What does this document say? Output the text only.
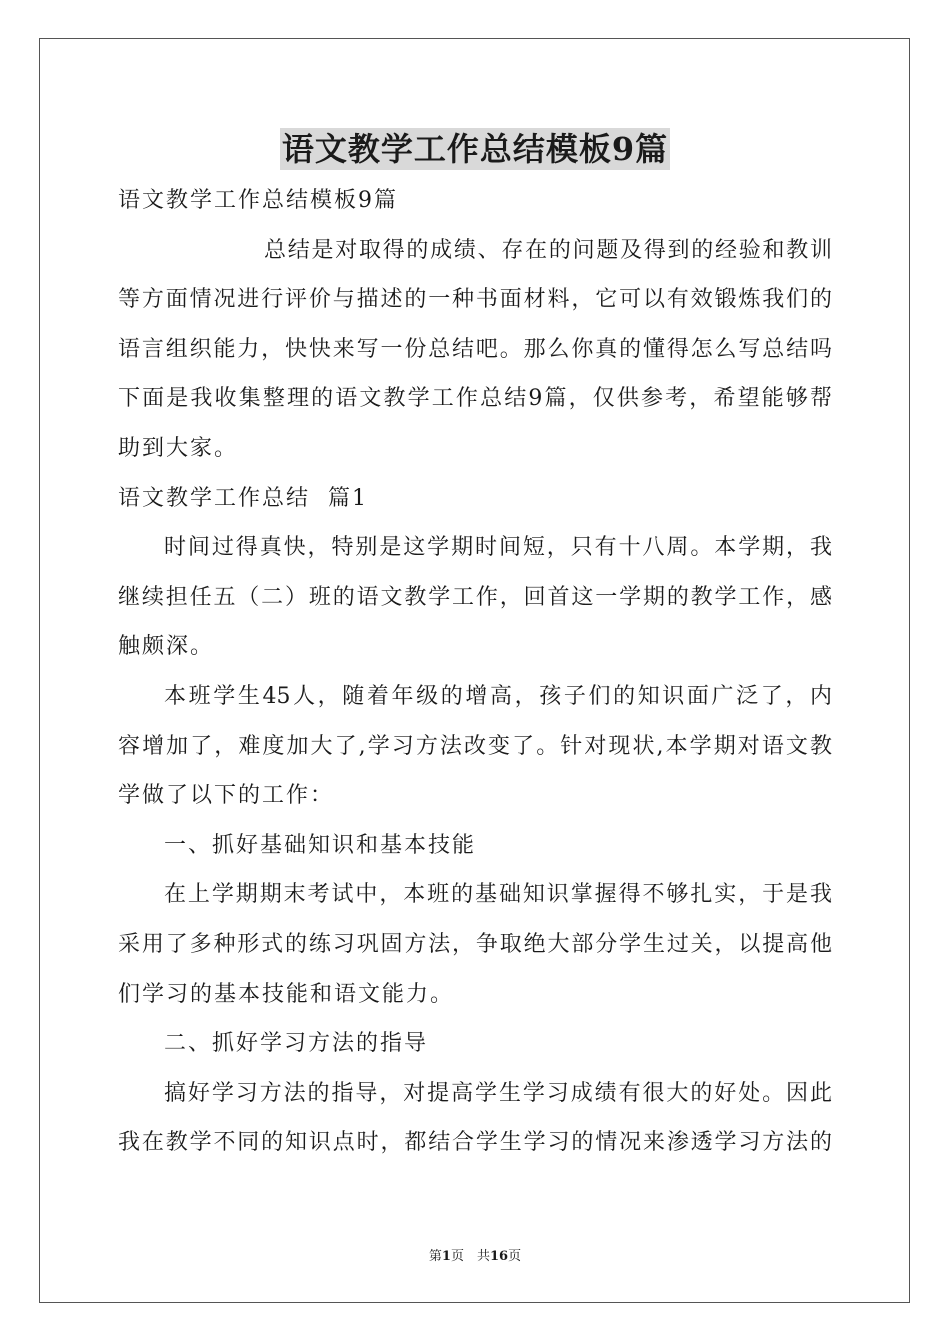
语文教学工作总结模板9篇
语文教学工作总结模板9篇
总结是对取得的成绩、存在的问题及得到的经验和教训
等方面情况进行评价与描述的一种书面材料，它可以有效锻炼我们的
语言组织能力，快快来写一份总结吧。那么你真的懂得怎么写总结吗
下面是我收集整理的语文教学工作总结9篇，仅供参考，希望能够帮
助到大家。
语文教学工作总结  篇1
时间过得真快，特别是这学期时间短，只有十八周。本学期，我
继续担任五（二）班的语文教学工作，回首这一学期的教学工作，感
触颇深。
本班学生45人，随着年级的增高，孩子们的知识面广泛了，内
容增加了，难度加大了,学习方法改变了。针对现状,本学期对语文教
学做了以下的工作：
一、抓好基础知识和基本技能
在上学期期末考试中，本班的基础知识掌握得不够扎实，于是我
采用了多种形式的练习巩固方法，争取绝大部分学生过关，以提高他
们学习的基本技能和语文能力。
二、抓好学习方法的指导
搞好学习方法的指导，对提高学生学习成绩有很大的好处。因此
我在教学不同的知识点时，都结合学生学习的情况来渗透学习方法的
第1页　共16页
